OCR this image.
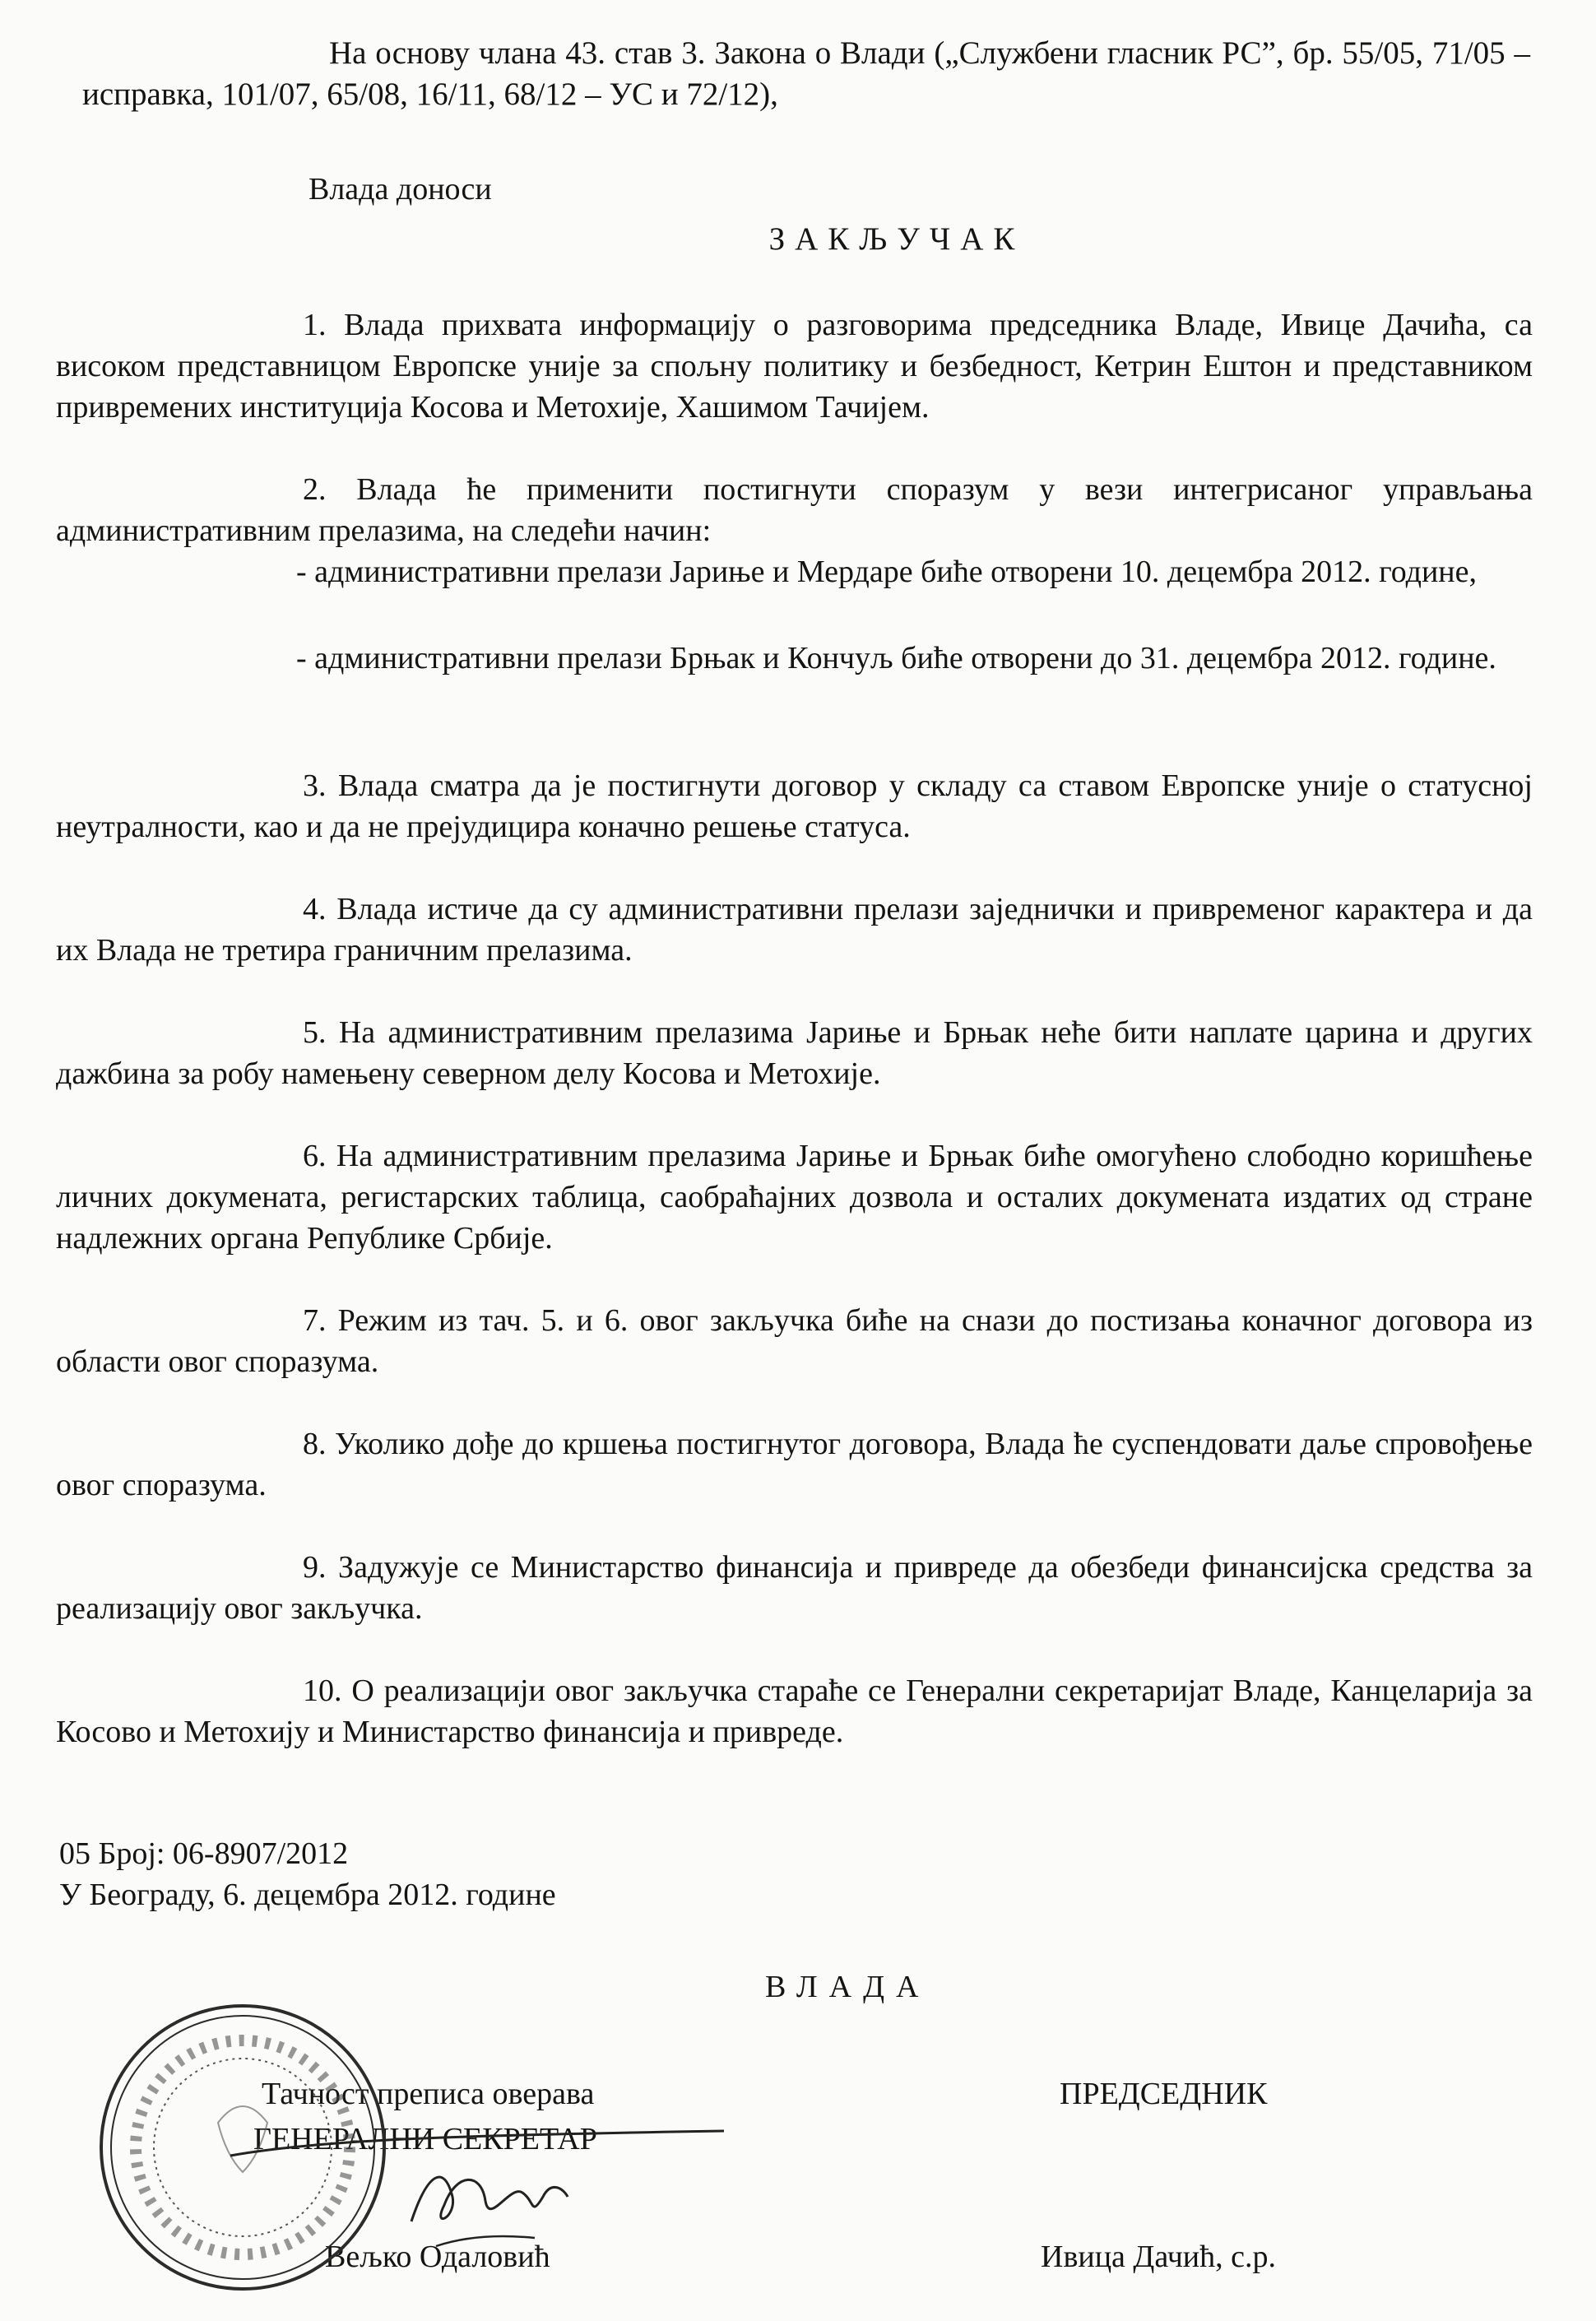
На основу члана 43. став 3. Закона о Влади („Службени гласник РС”, бр. 55/05, 71/05 – исправка, 101/07, 65/08, 16/11, 68/12 – УС и 72/12),
Влада доноси
ЗАКЉУЧАК
1. Влада прихвата информацију о разговорима председника Владе, Ивице Дачића, са високом представницом Европске уније за спољну политику и безбедност, Кетрин Ештон и представником привремених институција Косова и Метохије, Хашимом Тачијем.
2. Влада ће применити постигнути споразум у вези интегрисаног управљања административним прелазима, на следећи начин:
- административни прелази Јариње и Мердаре биће отворени 10. децембра 2012. године,
- административни прелази Брњак и Кончуљ биће отворени до 31. децембра 2012. године.
3. Влада сматра да је постигнути договор у складу са ставом Европске уније о статусној неутралности, као и да не прејудицира коначно решење статуса.
4. Влада истиче да су административни прелази заједнички и привременог карактера и да их Влада не третира граничним прелазима.
5. На административним прелазима Јариње и Брњак неће бити наплате царина и других дажбина за робу намењену северном делу Косова и Метохије.
6. На административним прелазима Јариње и Брњак биће омогућено слободно коришћење личних докумената, регистарских таблица, саобраћајних дозвола и осталих докумената издатих од стране надлежних органа Републике Србије.
7. Режим из тач. 5. и 6. овог закључка биће на снази до постизања коначног договора из области овог споразума.
8. Уколико дође до кршења постигнутог договора, Влада ће суспендовати даље спровођење овог споразума.
9. Задужује се Министарство финансија и привреде да обезбеди финансијска средства за реализацију овог закључка.
10. О реализацији овог закључка стараће се Генерални секретаријат Владе, Канцеларија за Косово и Метохију и Министарство финансија и привреде.
05 Број: 06-8907/2012
У Београду, 6. децембра 2012. године
ВЛАДА
Тачност преписа оверава
ГЕНЕРАЛНИ СЕКРЕТАР
Вељко Одаловић
ПРЕДСЕДНИК
Ивица Дачић, с.р.
